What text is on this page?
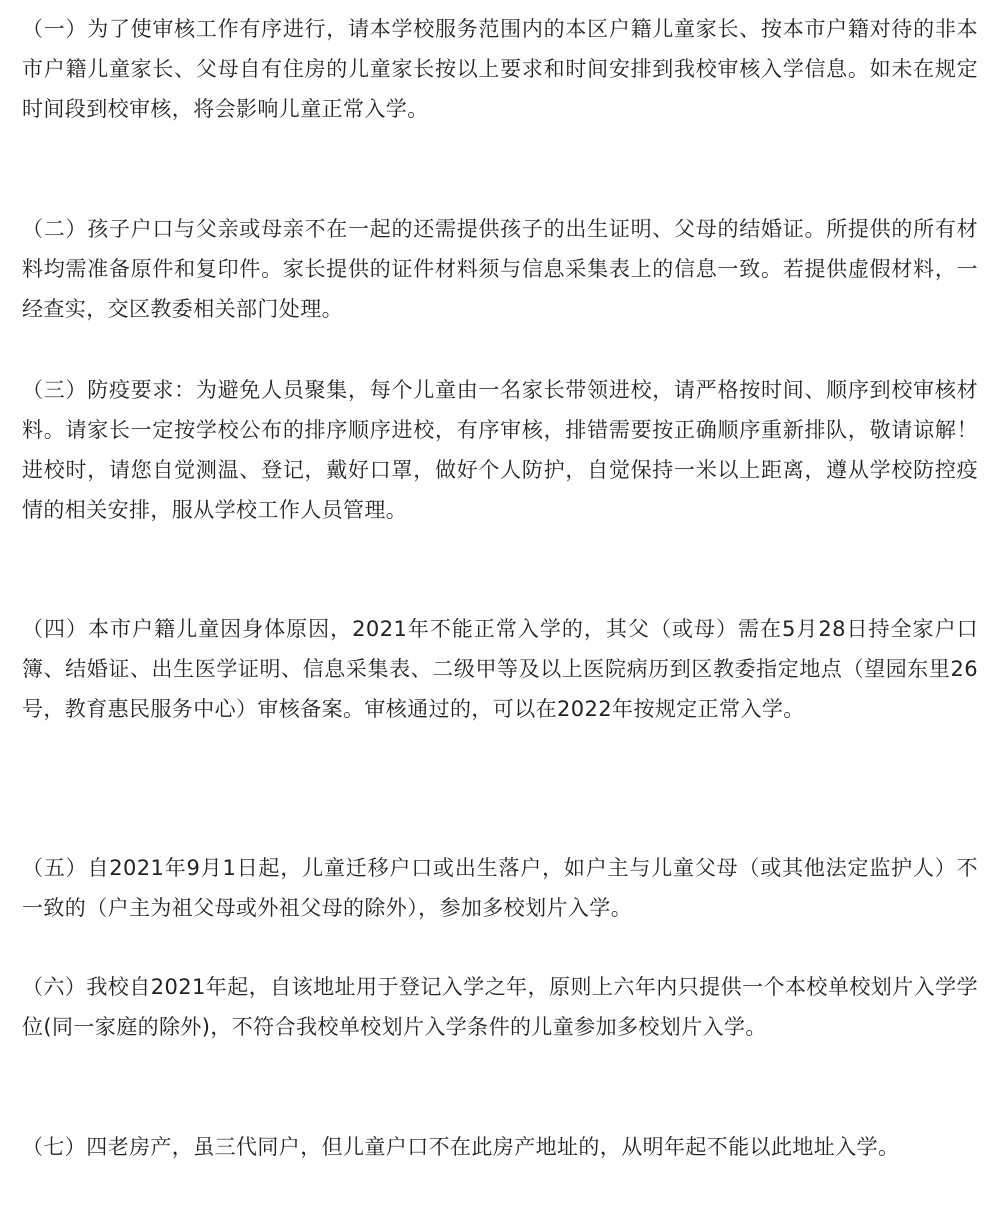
（一）为了使审核工作有序进行，请本学校服务范围内的本区户籍儿童家长、按本市户籍对待的非本市户籍儿童家长、父母自有住房的儿童家长按以上要求和时间安排到我校审核入学信息。如未在规定时间段到校审核，将会影响儿童正常入学。

（二）孩子户口与父亲或母亲不在一起的还需提供孩子的出生证明、父母的结婚证。所提供的所有材料均需准备原件和复印件。家长提供的证件材料须与信息采集表上的信息一致。若提供虚假材料，一经查实，交区教委相关部门处理。

（三）防疫要求：为避免人员聚集，每个儿童由一名家长带领进校，请严格按时间、顺序到校审核材料。请家长一定按学校公布的排序顺序进校，有序审核，排错需要按正确顺序重新排队，敬请谅解！进校时，请您自觉测温、登记，戴好口罩，做好个人防护，自觉保持一米以上距离，遵从学校防控疫情的相关安排，服从学校工作人员管理。

（四）本市户籍儿童因身体原因，2021年不能正常入学的，其父（或母）需在5月28日持全家户口簿、结婚证、出生医学证明、信息采集表、二级甲等及以上医院病历到区教委指定地点（望园东里26号，教育惠民服务中心）审核备案。审核通过的，可以在2022年按规定正常入学。

（五）自2021年9月1日起，儿童迁移户口或出生落户，如户主与儿童父母（或其他法定监护人）不一致的（户主为祖父母或外祖父母的除外），参加多校划片入学。

（六）我校自2021年起，自该地址用于登记入学之年，原则上六年内只提供一个本校单校划片入学学位(同一家庭的除外)，不符合我校单校划片入学条件的儿童参加多校划片入学。

（七）四老房产，虽三代同户，但儿童户口不在此房产地址的，从明年起不能以此地址入学。
